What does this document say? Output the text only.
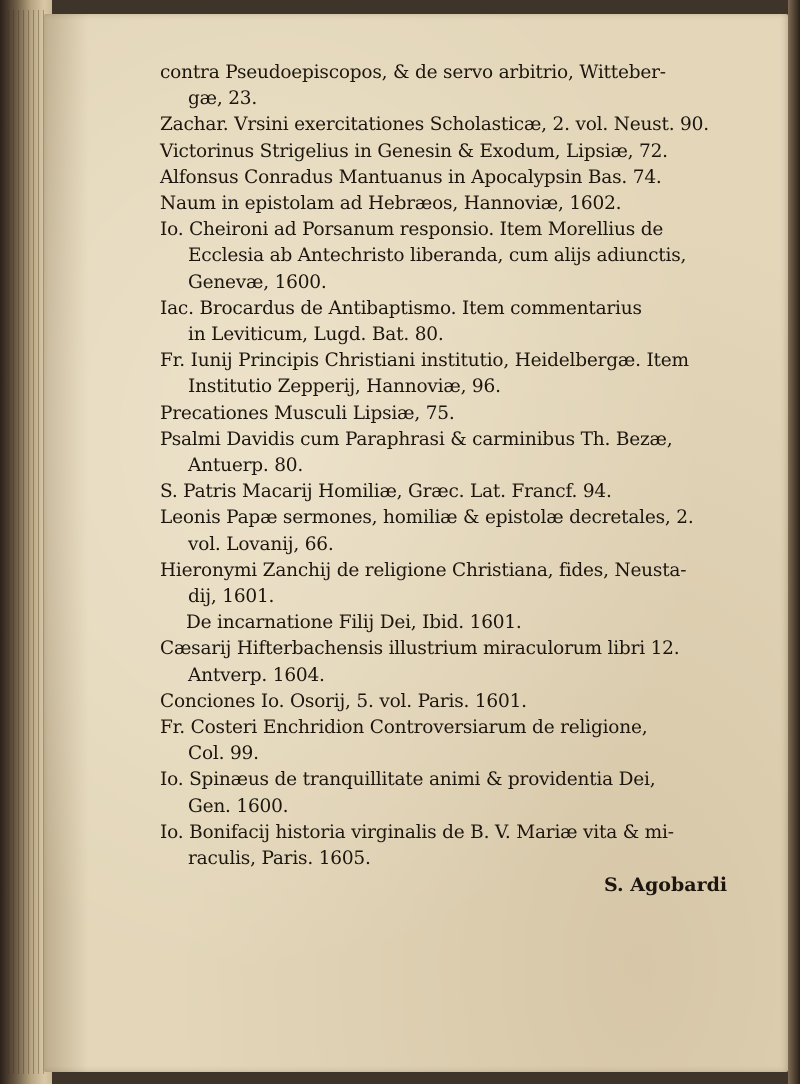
contra Pseudoepiscopos, & de servo arbitrio, Witteber-
gæ, 23.
Zachar. Vrsini exercitationes Scholasticæ, 2. vol. Neust. 90.
Victorinus Strigelius in Genesin & Exodum, Lipsiæ, 72.
Alfonsus Conradus Mantuanus in Apocalypsin Bas. 74.
Naum in epistolam ad Hebræos, Hannoviæ, 1602.
Io. Cheironi ad Porsanum responsio. Item Morellius de
Ecclesia ab Antechristo liberanda, cum alijs adiunctis, Genevæ, 1600.
Iac. Brocardus de Antibaptismo. Item commentarius
in Leviticum, Lugd. Bat. 80.
Fr. Iunij Principis Christiani institutio, Heidelbergæ. Item
Institutio Zepperij, Hannoviæ, 96.
Precationes Musculi Lipsiæ, 75.
Psalmi Davidis cum Paraphrasi & carminibus Th. Bezæ,
Antuerp. 80.
S. Patris Macarij Homiliæ, Græc. Lat. Francf. 94.
Leonis Papæ sermones, homiliæ & epistolæ decretales, 2.
vol. Lovanij, 66.
Hieronymi Zanchij de religione Christiana, fides, Neusta-
dij, 1601.
De incarnatione Filij Dei, Ibid. 1601.
Cæsarij Hifterbachensis illustrium miraculorum libri 12.
Antverp. 1604.
Conciones Io. Osorij, 5. vol. Paris. 1601.
Fr. Costeri Enchridion Controversiarum de religione,
Col. 99.
Io. Spinæus de tranquillitate animi & providentia Dei,
Gen. 1600.
Io. Bonifacij historia virginalis de B. V. Mariæ vita & mi-
raculis, Paris. 1605.
S. Agobardi
